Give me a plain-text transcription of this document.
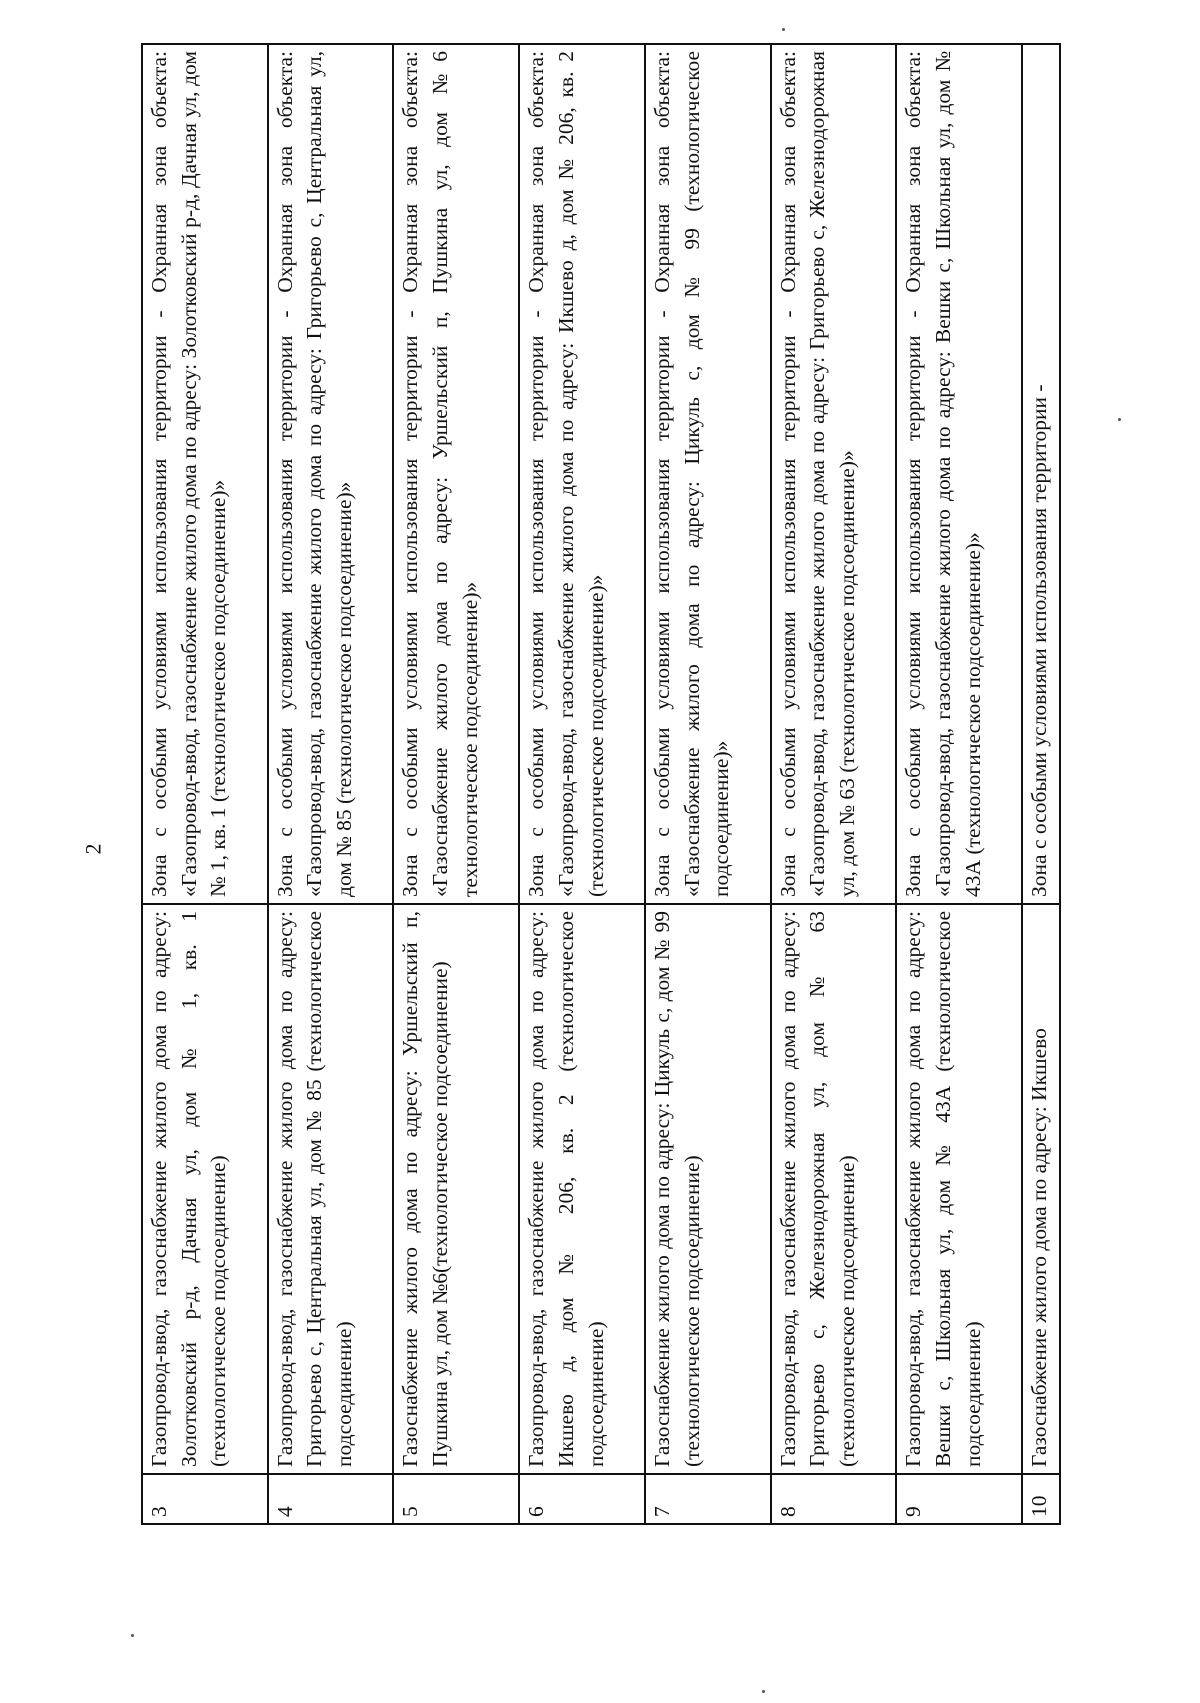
2
3	Газопровод-ввод, газоснабжение жилого дома по адресу: Золотковский р-д, Дачная ул, дом № 1, кв. 1 (технологическое подсоединение)	Зона с особыми условиями использования территории - Охранная зона объекта: «Газопровод-ввод, газоснабжение жилого дома по адресу: Золотковский р-д, Дачная ул, дом № 1, кв. 1 (технологическое подсоединение)»
4	Газопровод-ввод, газоснабжение жилого дома по адресу: Григорьево с, Центральная ул, дом № 85 (технологическое подсоединение)	Зона с особыми условиями использования территории - Охранная зона объекта: «Газопровод-ввод, газоснабжение жилого дома по адресу: Григорьево с, Центральная ул, дом № 85 (технологическое подсоединение)»
5	Газоснабжение жилого дома по адресу: Уршельский п, Пушкина ул, дом №6(технологическое подсоединение)	Зона с особыми условиями использования территории - Охранная зона объекта: «Газоснабжение жилого дома по адресу: Уршельский п, Пушкина ул, дом №6 технологическое подсоединение)»
6	Газопровод-ввод, газоснабжение жилого дома по адресу: Икшево д, дом № 206, кв. 2 (технологическое подсоединение)	Зона с особыми условиями использования территории - Охранная зона объекта: «Газопровод-ввод, газоснабжение жилого дома по адресу: Икшево д, дом № 206, кв. 2 (технологическое подсоединение)»
7	Газоснабжение жилого дома по адресу: Цикуль с, дом № 99 (технологическое подсоединение)	Зона с особыми условиями использования территории - Охранная зона объекта: «Газоснабжение жилого дома по адресу: Цикуль с, дом № 99 (технологическое подсоединение)»
8	Газопровод-ввод, газоснабжение жилого дома по адресу: Григорьево с, Железнодорожная ул, дом № 63 (технологическое подсоединение)	Зона с особыми условиями использования территории - Охранная зона объекта: «Газопровод-ввод, газоснабжение жилого дома по адресу: Григорьево с, Железнодорожная ул, дом № 63 (технологическое подсоединение)»
9	Газопровод-ввод, газоснабжение жилого дома по адресу: Вешки с, Школьная ул, дом № 43А (технологическое подсоединение)	Зона с особыми условиями использования территории - Охранная зона объекта: «Газопровод-ввод, газоснабжение жилого дома по адресу: Вешки с, Школьная ул, дом № 43А (технологическое подсоединение)»
10	Газоснабжение жилого дома по адресу: Икшево	Зона с особыми условиями использования территории -
